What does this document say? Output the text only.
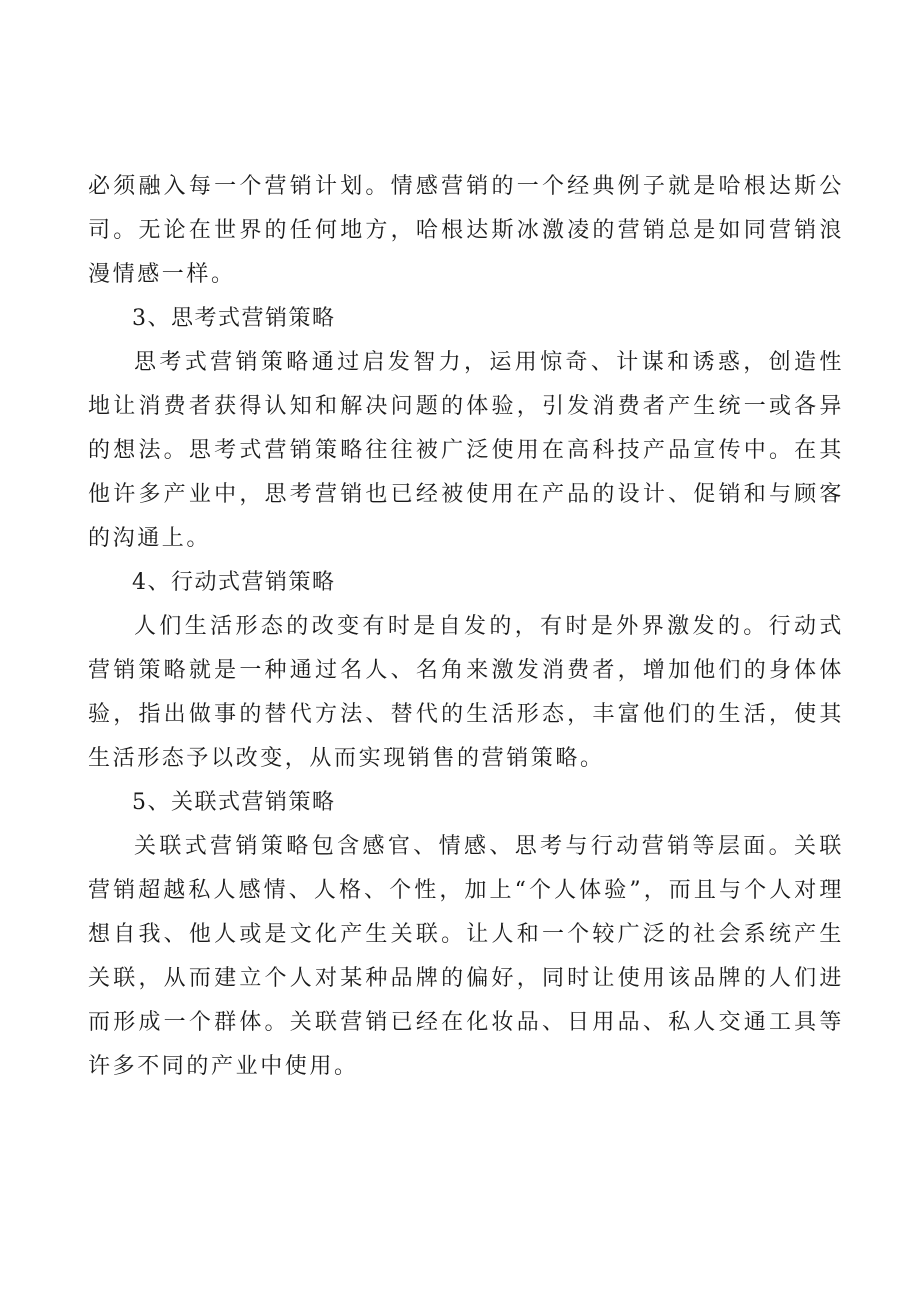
必须融入每一个营销计划。情感营销的一个经典例子就是哈根达斯公司。无论在世界的任何地方，哈根达斯冰激凌的营销总是如同营销浪漫情感一样。

3、思考式营销策略

思考式营销策略通过启发智力，运用惊奇、计谋和诱惑，创造性地让消费者获得认知和解决问题的体验，引发消费者产生统一或各异的想法。思考式营销策略往往被广泛使用在高科技产品宣传中。在其他许多产业中，思考营销也已经被使用在产品的设计、促销和与顾客的沟通上。

4、行动式营销策略

人们生活形态的改变有时是自发的，有时是外界激发的。行动式营销策略就是一种通过名人、名角来激发消费者，增加他们的身体体验，指出做事的替代方法、替代的生活形态，丰富他们的生活，使其生活形态予以改变，从而实现销售的营销策略。

5、关联式营销策略

关联式营销策略包含感官、情感、思考与行动营销等层面。关联营销超越私人感情、人格、个性，加上“个人体验”，而且与个人对理想自我、他人或是文化产生关联。让人和一个较广泛的社会系统产生关联，从而建立个人对某种品牌的偏好，同时让使用该品牌的人们进而形成一个群体。关联营销已经在化妆品、日用品、私人交通工具等许多不同的产业中使用。
